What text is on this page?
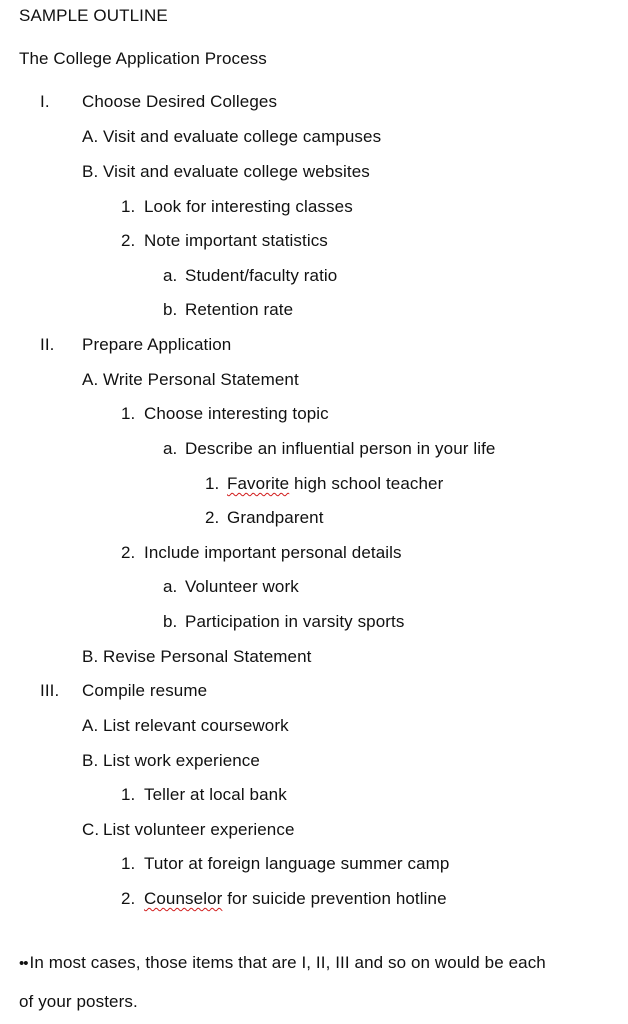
SAMPLE OUTLINE
The College Application Process
I. Choose Desired Colleges
A. Visit and evaluate college campuses
B. Visit and evaluate college websites
1. Look for interesting classes
2. Note important statistics
a. Student/faculty ratio
b. Retention rate
II. Prepare Application
A. Write Personal Statement
1. Choose interesting topic
a. Describe an influential person in your life
1. Favorite high school teacher
2. Grandparent
2. Include important personal details
a. Volunteer work
b. Participation in varsity sports
B. Revise Personal Statement
III. Compile resume
A. List relevant coursework
B. List work experience
1. Teller at local bank
C. List volunteer experience
1. Tutor at foreign language summer camp
2. Counselor for suicide prevention hotline
•• In most cases, those items that are I, II, III and so on would be each
of your posters.
